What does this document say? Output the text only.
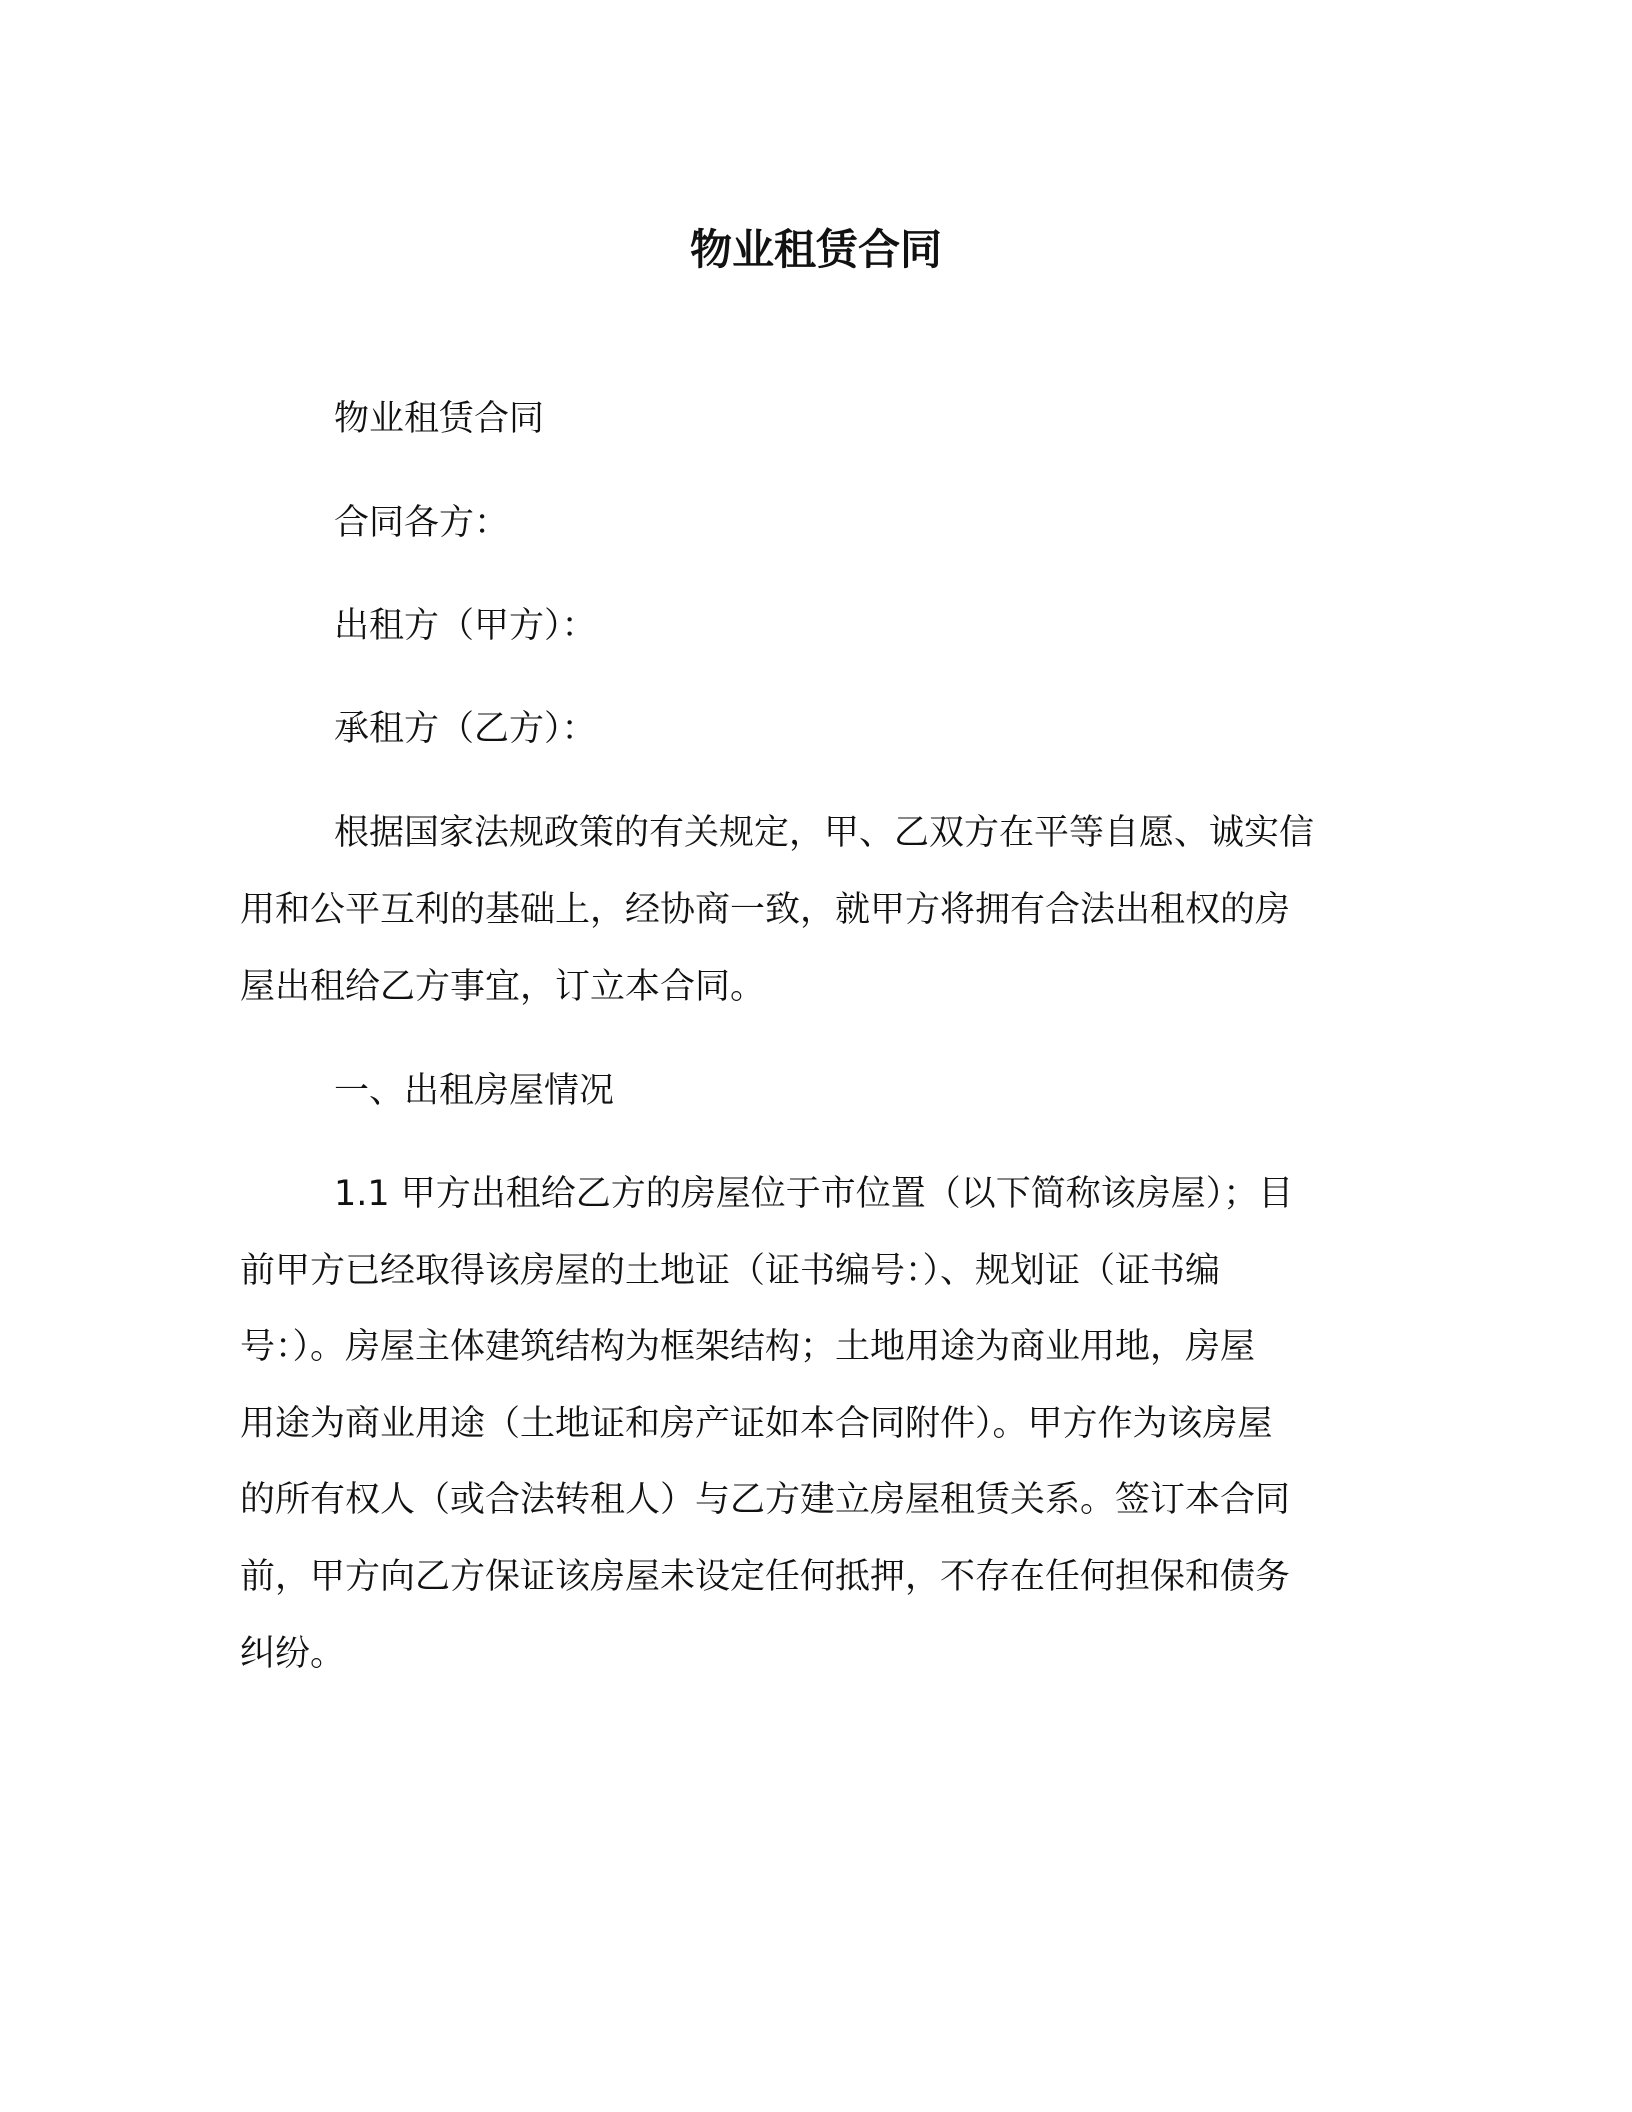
物业租赁合同

物业租赁合同

合同各方：

出租方（甲方）：

承租方（乙方）：

根据国家法规政策的有关规定，甲、乙双方在平等自愿、诚实信

用和公平互利的基础上，经协商一致，就甲方将拥有合法出租权的房

屋出租给乙方事宜，订立本合同。

一、出租房屋情况

1.1 甲方出租给乙方的房屋位于市位置（以下简称该房屋）；目

前甲方已经取得该房屋的土地证（证书编号：）、规划证（证书编

号：）。房屋主体建筑结构为框架结构；土地用途为商业用地，房屋

用途为商业用途（土地证和房产证如本合同附件）。甲方作为该房屋

的所有权人（或合法转租人）与乙方建立房屋租赁关系。签订本合同

前，甲方向乙方保证该房屋未设定任何抵押，不存在任何担保和债务

纠纷。
